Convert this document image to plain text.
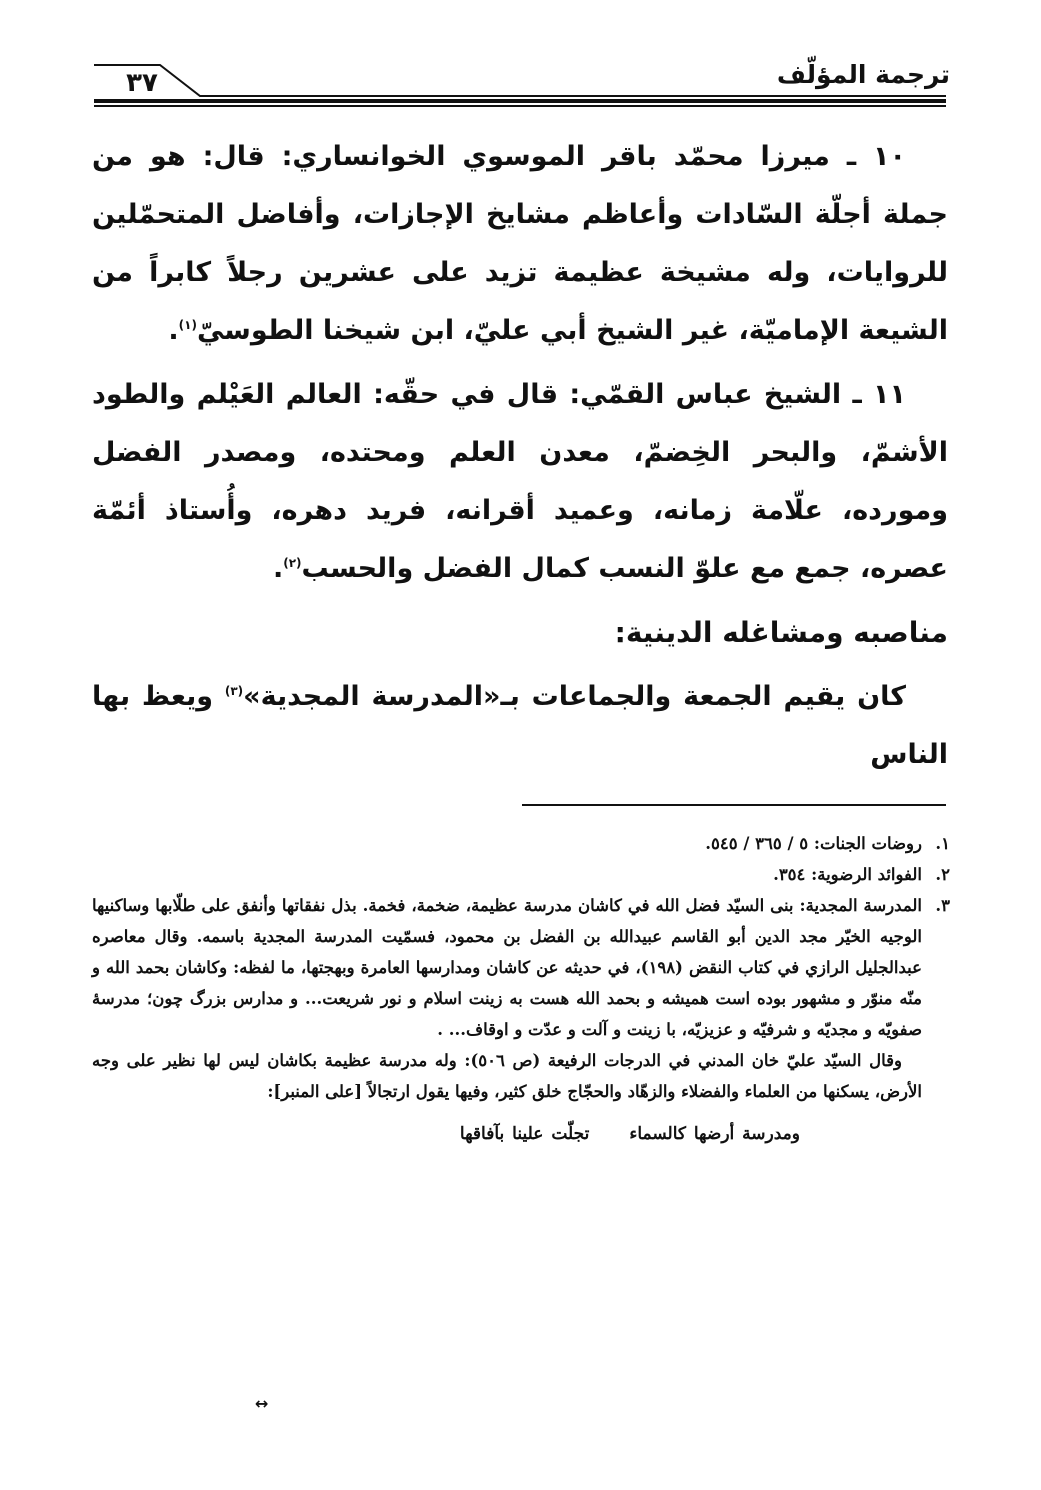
٣٧	ترجمة المؤلّف

١٠ ـ ميرزا محمّد باقر الموسوي الخوانساري: قال: هو من جملة أجلّة السّادات وأعاظم مشايخ الإجازات، وأفاضل المتحمّلين للروايات، وله مشيخة عظيمة تزيد على عشرين رجلاً كابراً من الشيعة الإماميّة، غير الشيخ أبي عليّ، ابن شيخنا الطوسيّ$^{(١)}$.

١١ ـ الشيخ عباس القمّي: قال في حقّه: العالم العَيْلم والطود الأشمّ، والبحر الخِضمّ، معدن العلم ومحتده، ومصدر الفضل ومورده، علّامة زمانه، وعميد أقرانه، فريد دهره، وأُستاذ أئمّة عصره، جمع مع علوّ النسب كمال الفضل والحسب$^{(٢)}$.

مناصبه ومشاغله الدينية:

كان يقيم الجمعة والجماعات بـ«المدرسة المجدية»$^{(٣)}$ ويعظ بها الناس

١.
روضات الجنات: ٥ / ٣٦٥ / ٥٤٥.

٢.
الفوائد الرضوية: ٣٥٤.

٣.
المدرسة المجدية: بنى السيّد فضل الله في كاشان مدرسة عظيمة، ضخمة، فخمة. بذل نفقاتها وأنفق على طلّابها وساكنيها الوجيه الخيّر مجد الدين أبو القاسم عبيدالله بن الفضل بن محمود، فسمّيت المدرسة المجدية باسمه. وقال معاصره عبدالجليل الرازي في كتاب النقض (١٩٨)، في حديثه عن كاشان ومدارسها العامرة وبهجتها، ما لفظه: وكاشان بحمد الله و منّه منوّر و مشهور بوده است هميشه و بحمد الله هست به زينت اسلام و نور شريعت... و مدارس بزرگ چون؛ مدرسهٔ صفويّه و مجديّه و شرفيّه و عزيزيّه، با زينت و آلت و عدّت و اوقاف... .

وقال السيّد عليّ خان المدني في الدرجات الرفيعة (ص ٥٠٦): وله مدرسة عظيمة بكاشان ليس لها نظير على وجه الأرض، يسكنها من العلماء والفضلاء والزهّاد والحجّاج خلق كثير، وفيها يقول ارتجالاً [على المنبر]:

ومدرسة أرضها كالسماءتجلّت علينا بآفاقها

↔
